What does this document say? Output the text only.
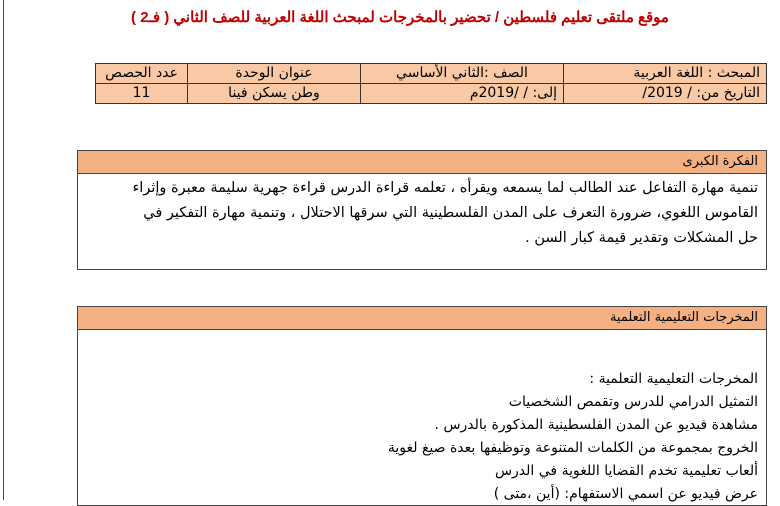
موقع ملتقى تعليم فلسطين / تحضير بالمخرجات لمبحث اللغة العربية للصف الثاني ( فـ2 )
المبحث : اللغة العربية	الصف :الثاني الأساسي	عنوان الوحدة	عدد الحصص
التاريخ من: / 2019/	إلى: / /2019م	وطن يسكن فينا	11
الفكرة الكبرى
تنمية مهارة التفاعل عند الطالب لما يسمعه ويقرأه ، تعلمه قراءة الدرس قراءة جهرية سليمة معبرة وإثراء
القاموس اللغوي، ضرورة التعرف على المدن الفلسطينية التي سرقها الاحتلال ، وتنمية مهارة التفكير في
حل المشكلات وتقدير قيمة كبار السن .
المخرجات التعليمية التعلمية
المخرجات التعليمية التعلمية :
التمثيل الدرامي للدرس وتقمص الشخصيات
مشاهدة فيديو عن المدن الفلسطينية المذكورة بالدرس .
الخروج بمجموعة من الكلمات المتنوعة وتوظيفها بعدة صيغ لغوية
ألعاب تعليمية تخدم القضايا اللغوية في الدرس
عرض فيديو عن اسمي الاستفهام: (أين ،متى )
